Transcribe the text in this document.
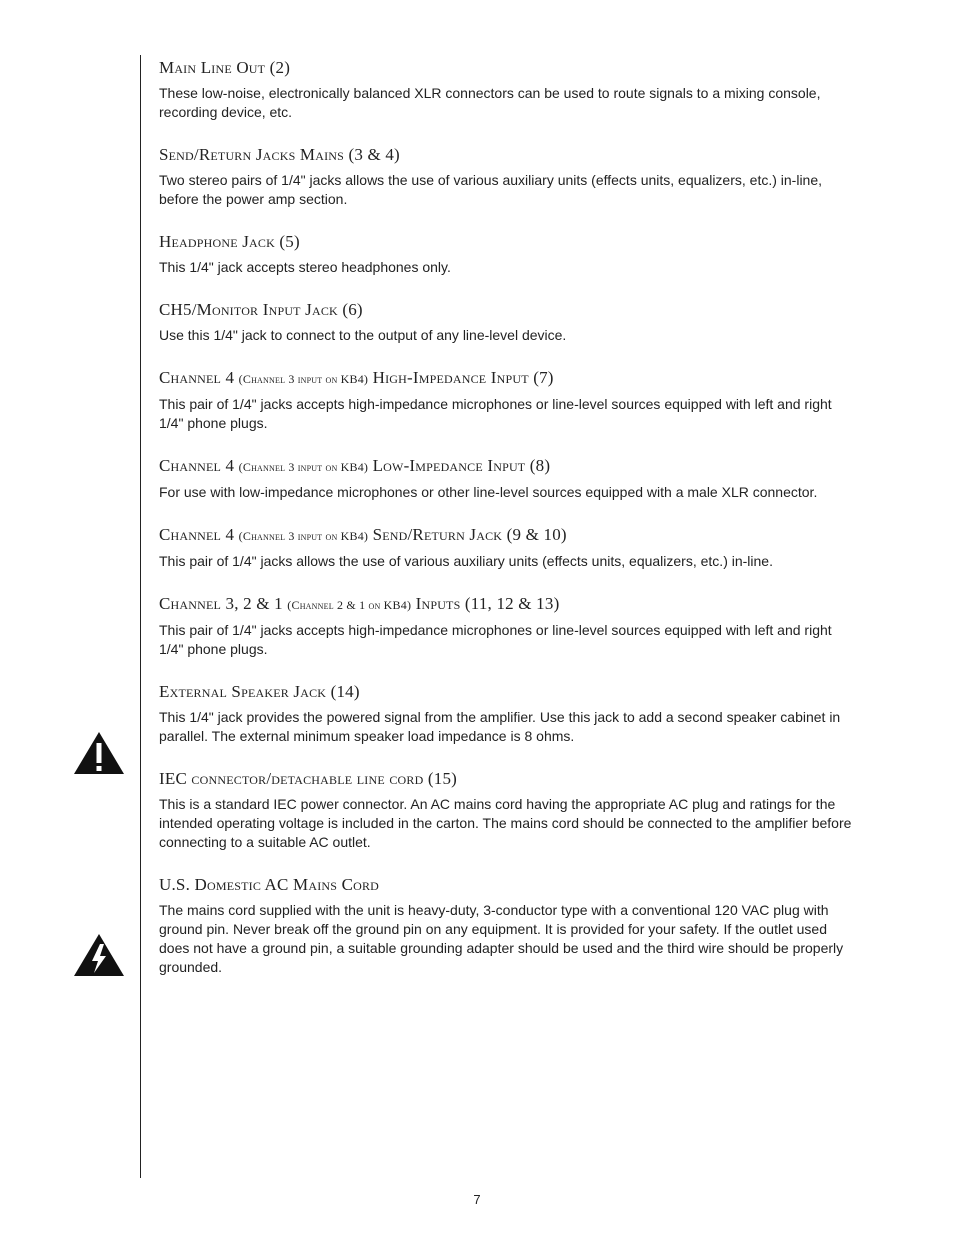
Main Line Out (2)

These low-noise, electronically balanced XLR connectors can be used to route signals to a mixing console, recording device, etc.

Send/Return Jacks Mains (3 & 4)

Two stereo pairs of 1/4" jacks allows the use of various auxiliary units (effects units, equalizers, etc.) in-line, before the power amp section.

Headphone Jack (5)

This 1/4" jack accepts stereo headphones only.

CH5/Monitor Input Jack (6)

Use this 1/4" jack to connect to the output of any line-level device.

Channel 4 (Channel 3 input on KB4) High-Impedance Input (7)

This pair of 1/4" jacks accepts high-impedance microphones or line-level sources equipped with left and right 1/4" phone plugs.

Channel 4 (Channel 3 input on KB4) Low-Impedance Input (8)

For use with low-impedance microphones or other line-level sources equipped with a male XLR connector.

Channel 4 (Channel 3 input on KB4) Send/Return Jack (9 & 10)

This pair of 1/4" jacks allows the use of various auxiliary units (effects units, equalizers, etc.) in-line.

Channel 3, 2 & 1 (Channel 2 & 1 on KB4) Inputs (11, 12 & 13)

This pair of 1/4" jacks accepts high-impedance microphones or line-level sources equipped with left and right 1/4" phone plugs.

External Speaker Jack (14)

This 1/4" jack provides the powered signal from the amplifier. Use this jack to add a second speaker cabinet in parallel. The external minimum speaker load impedance is 8 ohms.

IEC connector/detachable line cord (15)

This is a standard IEC power connector. An AC mains cord having the appropriate AC plug and ratings for the intended operating voltage is included in the carton. The mains cord should be connected to the amplifier before connecting to a suitable AC outlet.

U.S. Domestic AC Mains Cord

The mains cord supplied with the unit is heavy-duty, 3-conductor type with a conventional 120 VAC plug with ground pin. Never break off the ground pin on any equipment. It is provided for your safety. If the outlet used does not have a ground pin, a suitable grounding adapter should be used and the third wire should be properly grounded.

7
